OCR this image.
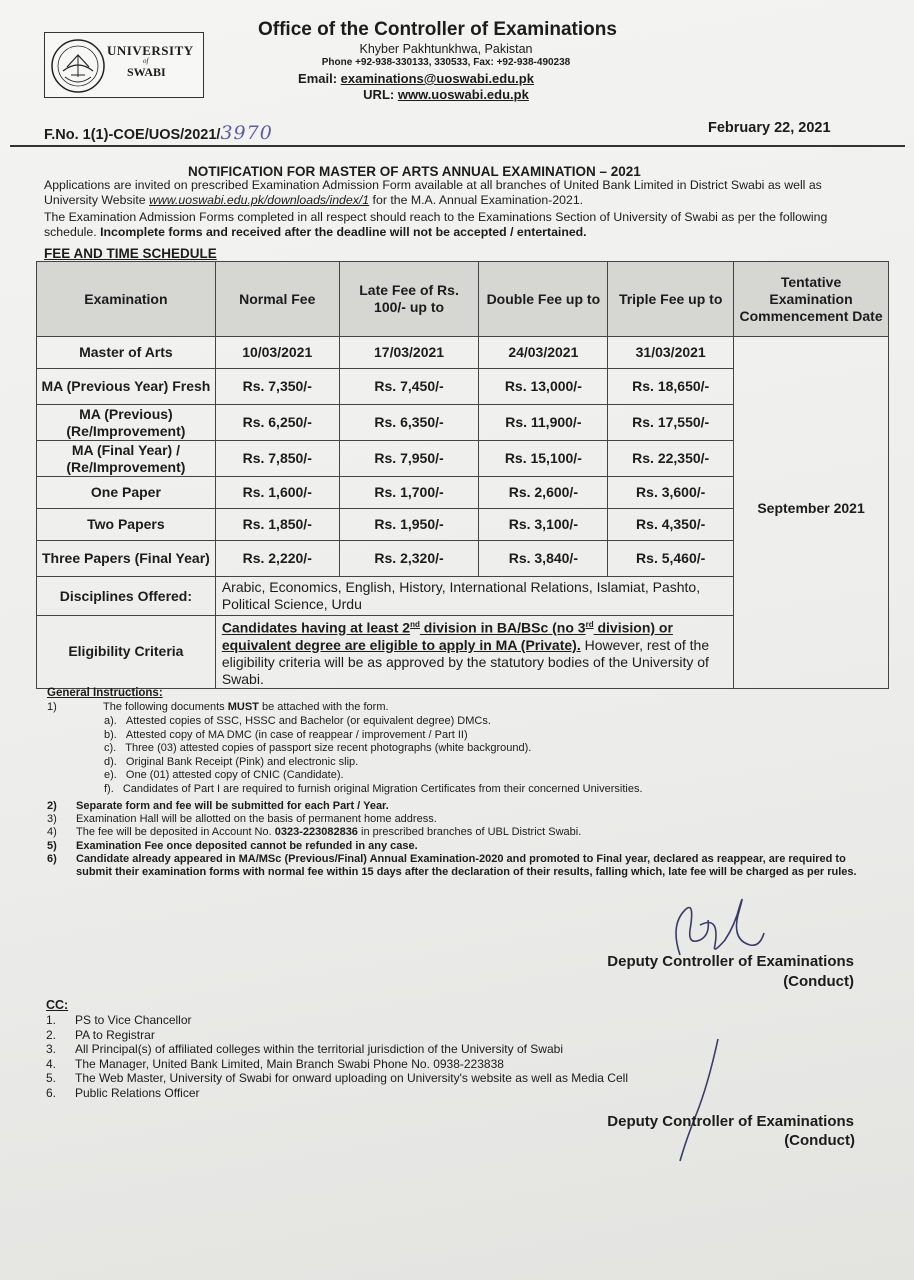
UNIVERSITY
of
SWABI
Office of the Controller of Examinations
Khyber Pakhtunkhwa, Pakistan
Phone +92-938-330133, 330533, Fax: +92-938-490238
Email: examinations@uoswabi.edu.pk
URL: www.uoswabi.edu.pk
F.No. 1(1)-COE/UOS/2021/3970	February 22, 2021
NOTIFICATION FOR MASTER OF ARTS ANNUAL EXAMINATION – 2021
Applications are invited on prescribed Examination Admission Form available at all branches of United Bank Limited in District Swabi as well as University Website www.uoswabi.edu.pk/downloads/index/1 for the M.A. Annual Examination-2021.
The Examination Admission Forms completed in all respect should reach to the Examinations Section of University of Swabi as per the following schedule. Incomplete forms and received after the deadline will not be accepted / entertained.
FEE AND TIME SCHEDULE
Examination	Normal Fee	Late Fee of Rs. 100/- up to	Double Fee up to	Triple Fee up to	Tentative Examination Commencement Date
Master of Arts	10/03/2021	17/03/2021	24/03/2021	31/03/2021	September 2021
MA (Previous Year) Fresh	Rs. 7,350/-	Rs. 7,450/-	Rs. 13,000/-	Rs. 18,650/-	
MA (Previous) (Re/Improvement)	Rs. 6,250/-	Rs. 6,350/-	Rs. 11,900/-	Rs. 17,550/-	
MA (Final Year) / (Re/Improvement)	Rs. 7,850/-	Rs. 7,950/-	Rs. 15,100/-	Rs. 22,350/-	
One Paper	Rs. 1,600/-	Rs. 1,700/-	Rs. 2,600/-	Rs. 3,600/-	
Two Papers	Rs. 1,850/-	Rs. 1,950/-	Rs. 3,100/-	Rs. 4,350/-	
Three Papers (Final Year)	Rs. 2,220/-	Rs. 2,320/-	Rs. 3,840/-	Rs. 5,460/-	
Disciplines Offered:	Arabic, Economics, English, History, International Relations, Islamiat, Pashto, Political Science, Urdu				
Eligibility Criteria	Candidates having at least 2nd division in BA/BSc (no 3rd division) or equivalent degree are eligible to apply in MA (Private). However, rest of the eligibility criteria will be as approved by the statutory bodies of the University of Swabi.				
General Instructions:
1)	The following documents MUST be attached with the form.
a). Attested copies of SSC, HSSC and Bachelor (or equivalent degree) DMCs.
b). Attested copy of MA DMC (in case of reappear / improvement / Part II)
c). Three (03) attested copies of passport size recent photographs (white background).
d). Original Bank Receipt (Pink) and electronic slip.
e). One (01) attested copy of CNIC (Candidate).
f). Candidates of Part I are required to furnish original Migration Certificates from their concerned Universities.
2) Separate form and fee will be submitted for each Part / Year.
3) Examination Hall will be allotted on the basis of permanent home address.
4) The fee will be deposited in Account No. 0323-223082836 in prescribed branches of UBL District Swabi.
5) Examination Fee once deposited cannot be refunded in any case.
6) Candidate already appeared in MA/MSc (Previous/Final) Annual Examination-2020 and promoted to Final year, declared as reappear, are required to submit their examination forms with normal fee within 15 days after the declaration of their results, falling which, late fee will be charged as per rules.
Deputy Controller of Examinations
(Conduct)
CC:
1. PS to Vice Chancellor
2. PA to Registrar
3. All Principal(s) of affiliated colleges within the territorial jurisdiction of the University of Swabi
4. The Manager, United Bank Limited, Main Branch Swabi Phone No. 0938-223838
5. The Web Master, University of Swabi for onward uploading on University's website as well as Media Cell
6. Public Relations Officer
Deputy Controller of Examinations
(Conduct)
